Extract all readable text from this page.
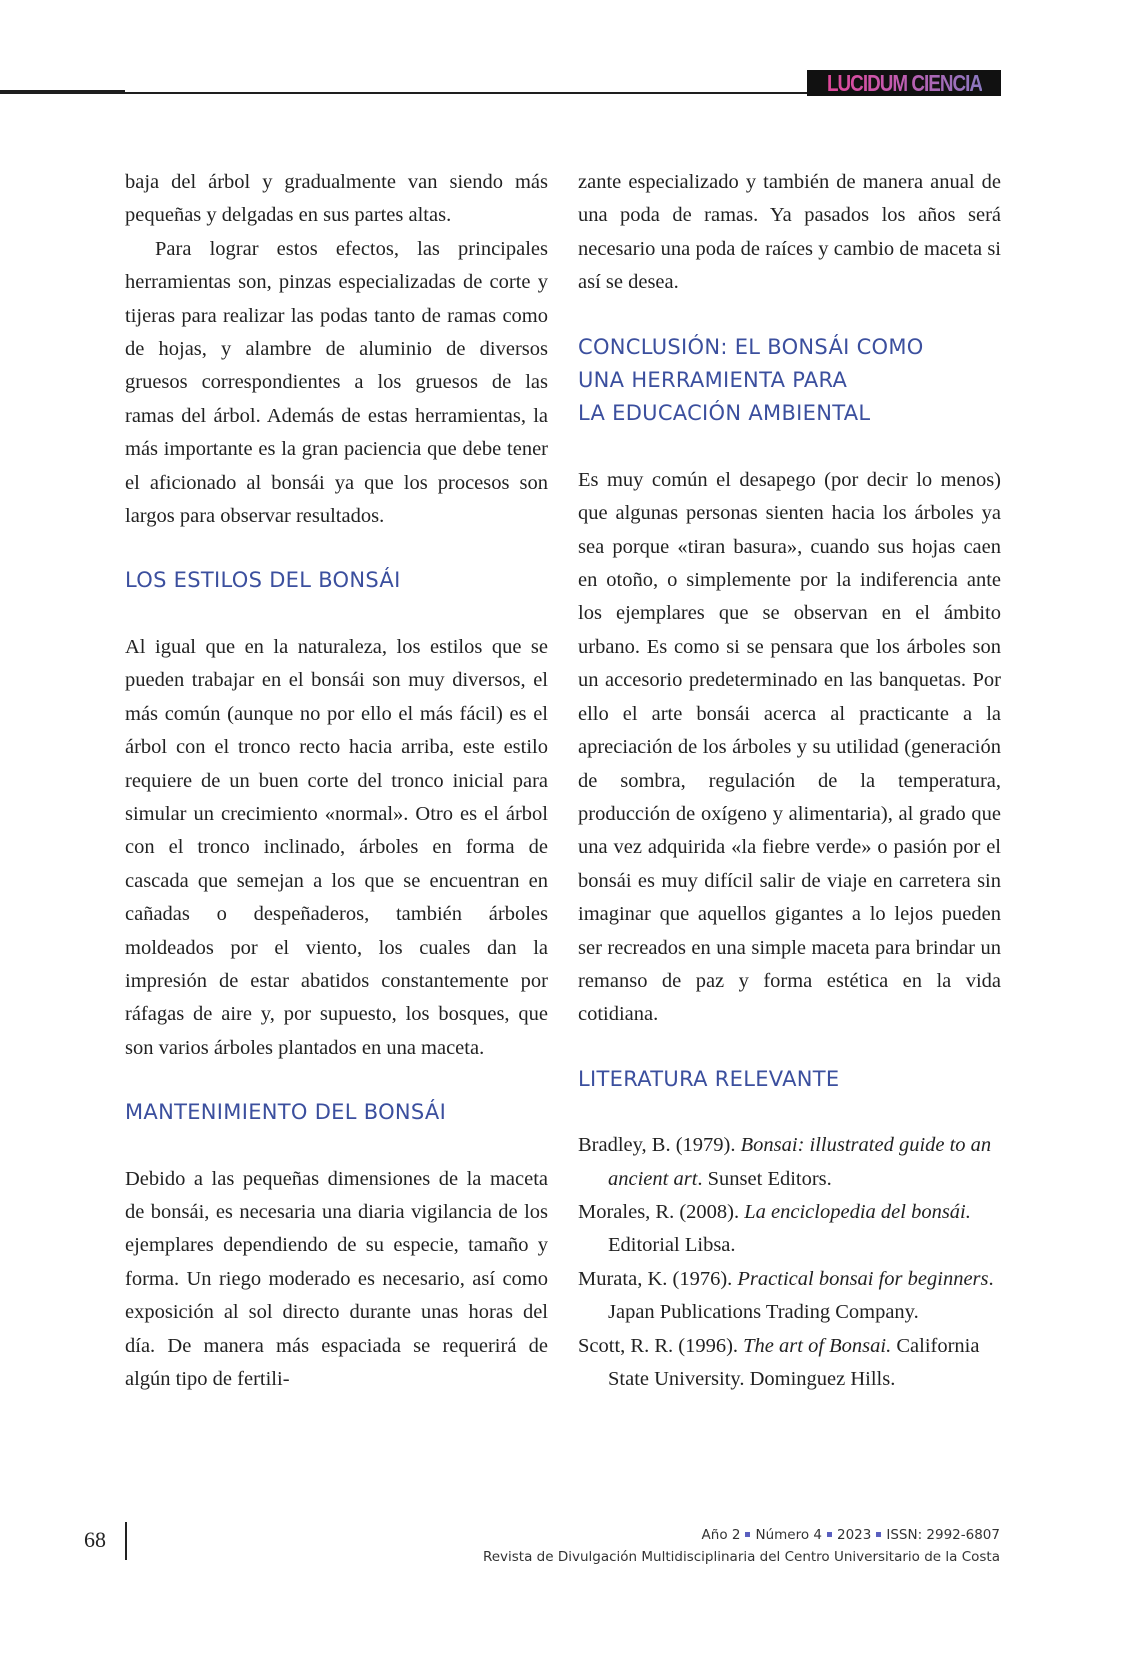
LUCIDUM CIENCIA

baja del árbol y gradualmente van siendo más pequeñas y delgadas en sus partes altas.

Para lograr estos efectos, las principales herramientas son, pinzas especializadas de corte y tijeras para realizar las podas tanto de ramas como de hojas, y alambre de aluminio de diversos gruesos correspondientes a los gruesos de las ramas del árbol. Además de estas herramientas, la más importante es la gran paciencia que debe tener el aficionado al bonsái ya que los procesos son largos para observar resultados.

LOS ESTILOS DEL BONSÁI

Al igual que en la naturaleza, los estilos que se pueden trabajar en el bonsái son muy diversos, el más común (aunque no por ello el más fácil) es el árbol con el tronco recto hacia arriba, este estilo requiere de un buen corte del tronco inicial para simular un crecimiento «normal». Otro es el árbol con el tronco inclinado, árboles en forma de cascada que semejan a los que se encuentran en cañadas o despeñaderos, también árboles moldeados por el viento, los cuales dan la impresión de estar abatidos constantemente por ráfagas de aire y, por supuesto, los bosques, que son varios árboles plantados en una maceta.

MANTENIMIENTO DEL BONSÁI

Debido a las pequeñas dimensiones de la maceta de bonsái, es necesaria una diaria vigilancia de los ejemplares dependiendo de su especie, tamaño y forma. Un riego moderado es necesario, así como exposición al sol directo durante unas horas del día. De manera más espaciada se requerirá de algún tipo de fertili-

zante especializado y también de manera anual de una poda de ramas. Ya pasados los años será necesario una poda de raíces y cambio de maceta si así se desea.

CONCLUSIÓN: EL BONSÁI COMO
UNA HERRAMIENTA PARA
LA EDUCACIÓN AMBIENTAL

Es muy común el desapego (por decir lo menos) que algunas personas sienten hacia los árboles ya sea porque «tiran basura», cuando sus hojas caen en otoño, o simplemente por la indiferencia ante los ejemplares que se observan en el ámbito urbano. Es como si se pensara que los árboles son un accesorio predeterminado en las banquetas. Por ello el arte bonsái acerca al practicante a la apreciación de los árboles y su utilidad (generación de sombra, regulación de la temperatura, producción de oxígeno y alimentaria), al grado que una vez adquirida «la fiebre verde» o pasión por el bonsái es muy difícil salir de viaje en carretera sin imaginar que aquellos gigantes a lo lejos pueden ser recreados en una simple maceta para brindar un remanso de paz y forma estética en la vida cotidiana.

LITERATURA RELEVANTE

Bradley, B. (1979). Bonsai: illustrated guide to an ancient art. Sunset Editors.

Morales, R. (2008). La enciclopedia del bonsái. Editorial Libsa.

Murata, K. (1976). Practical bonsai for beginners. Japan Publications Trading Company.

Scott, R. R. (1996). The art of Bonsai. California State University. Dominguez Hills.

68	Año 2 Número 4 2023 ISSN: 2992-6807
Revista de Divulgación Multidisciplinaria del Centro Universitario de la Costa
